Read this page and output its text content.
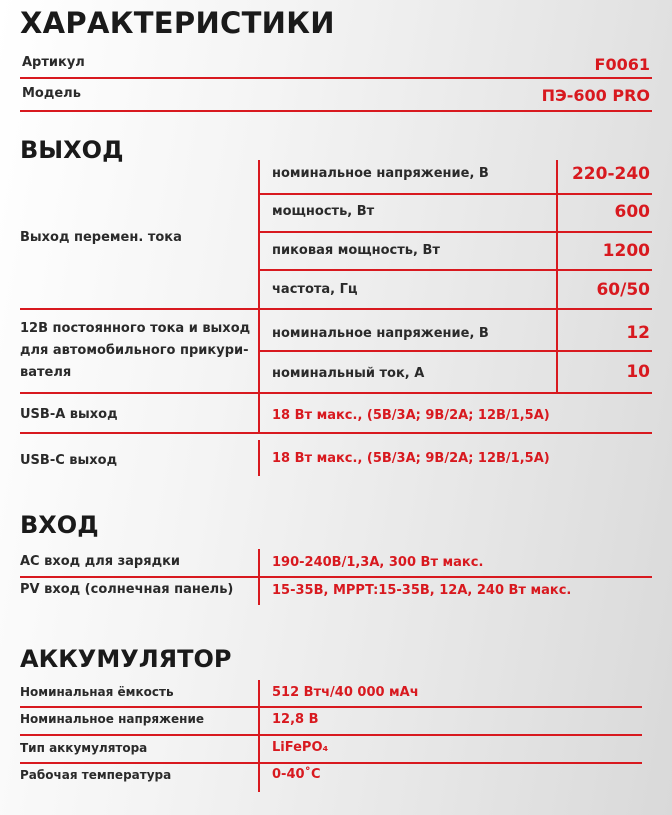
ХАРАКТЕРИСТИКИ
Артикул	F0061
Модель	ПЭ-600 PRO
ВЫХОД
Выход перемен. тока
номинальное напряжение, В	220-240
мощность, Вт	600
пиковая мощность, Вт	1200
частота, Гц	60/50
12В постоянного тока и выход
для автомобильного прикури-
вателя
номинальное напряжение, В	12
номинальный ток, А	10
USB-A выход	18 Вт макс., (5В/3А; 9В/2А; 12В/1,5А)
USB-C выход	18 Вт макс., (5В/3А; 9В/2А; 12В/1,5А)
ВХОД
AC вход для зарядки	190-240В/1,3А, 300 Вт макс.
PV вход (солнечная панель)	15-35В, MPPT:15-35В, 12А, 240 Вт макс.
АККУМУЛЯТОР
Номинальная ёмкость	512 Втч/40 000 мАч
Номинальное напряжение	12,8 В
Тип аккумулятора	LiFePO₄
Рабочая температура	0-40˚С
